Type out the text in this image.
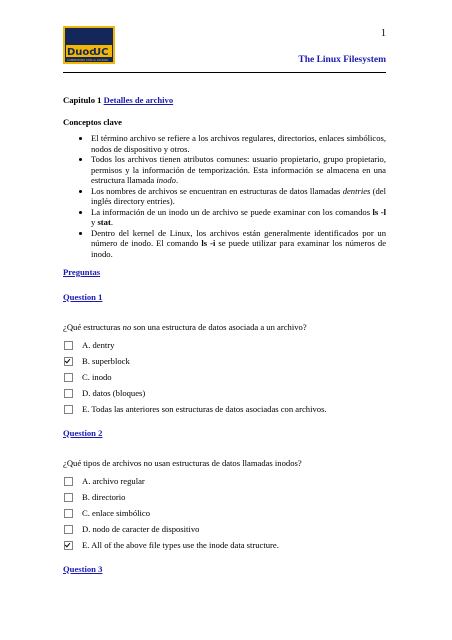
1
Duoc
UC
COMPROMISO CON LA CALIDAD	The Linux Filesystem

Capitulo 1 Detalles de archivo

Conceptos clave

• El término archivo se refiere a los archivos regulares, directorios, enlaces simbólicos, nodos de dispositivo y otros.
• Todos los archivos tienen atributos comunes: usuario propietario, grupo propietario, permisos y la información de temporización. Esta información se almacena en una estructura llamada inodo.
• Los nombres de archivos se encuentran en estructuras de datos llamadas dentries (del inglés directory entries).
• La información de un inodo un de archivo se puede examinar con los comandos ls -l y stat.
• Dentro del kernel de Linux, los archivos están generalmente identificados por un número de inodo. El comando ls -i se puede utilizar para examinar los números de inodo.

Preguntas

Question 1

¿Qué estructuras no son una estructura de datos asociada a un archivo?

A. dentry
B. superblock
C. inodo
D. datos (bloques)
E. Todas las anteriores son estructuras de datos asociadas con archivos.

Question 2

¿Qué tipos de archivos no usan estructuras de datos llamadas inodos?

A. archivo regular
B. directorio
C. enlace simbólico
D. nodo de caracter de dispositivo
E. All of the above file types use the inode data structure.

Question 3
